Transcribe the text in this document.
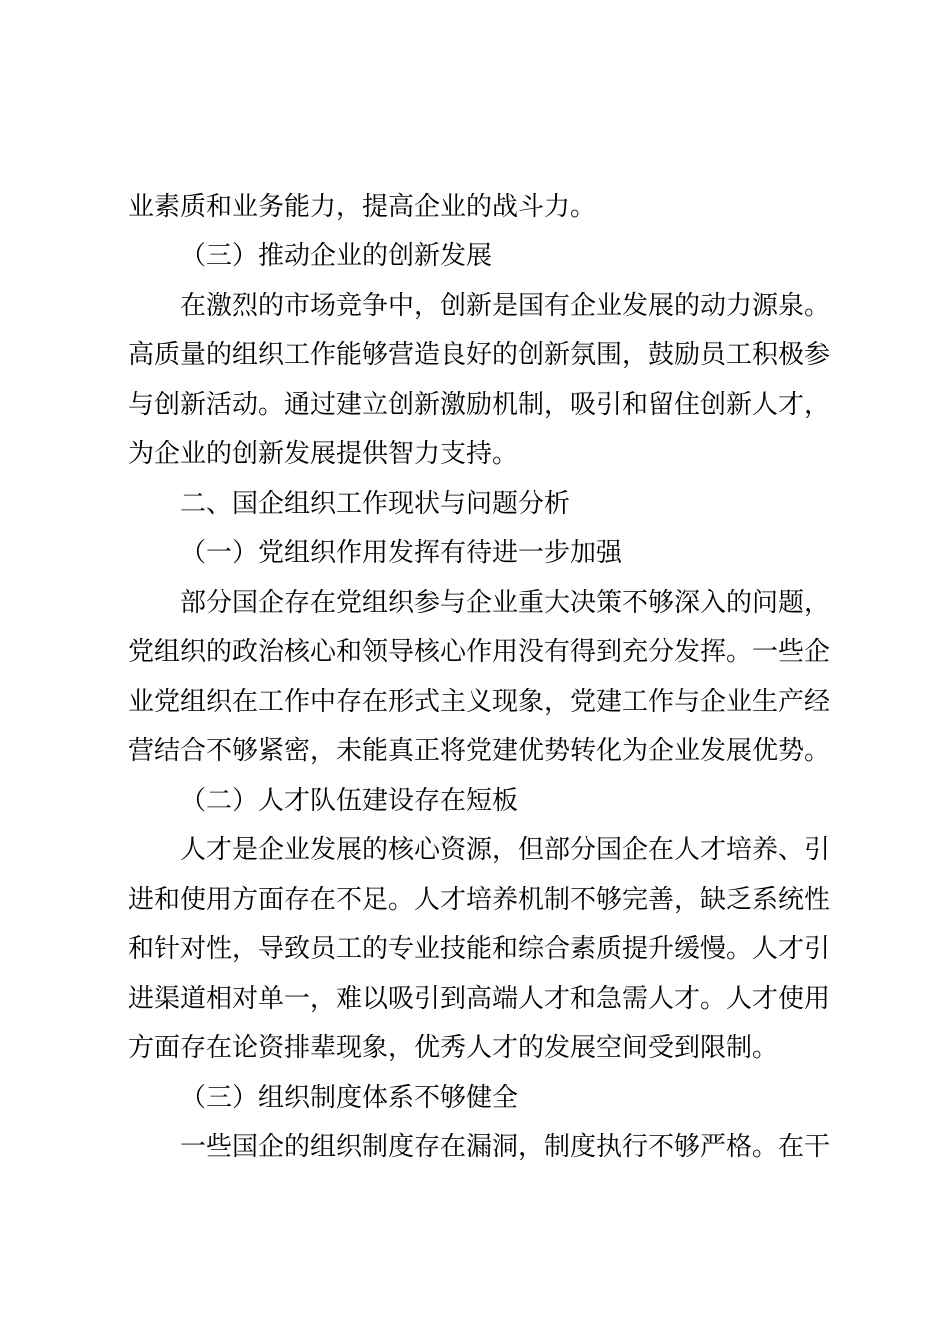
业素质和业务能力，提高企业的战斗力。
（三）推动企业的创新发展
在激烈的市场竞争中，创新是国有企业发展的动力源泉。
高质量的组织工作能够营造良好的创新氛围，鼓励员工积极参
与创新活动。通过建立创新激励机制，吸引和留住创新人才，
为企业的创新发展提供智力支持。
二、国企组织工作现状与问题分析
（一）党组织作用发挥有待进一步加强
部分国企存在党组织参与企业重大决策不够深入的问题，
党组织的政治核心和领导核心作用没有得到充分发挥。一些企
业党组织在工作中存在形式主义现象，党建工作与企业生产经
营结合不够紧密，未能真正将党建优势转化为企业发展优势。
（二）人才队伍建设存在短板
人才是企业发展的核心资源，但部分国企在人才培养、引
进和使用方面存在不足。人才培养机制不够完善，缺乏系统性
和针对性，导致员工的专业技能和综合素质提升缓慢。人才引
进渠道相对单一，难以吸引到高端人才和急需人才。人才使用
方面存在论资排辈现象，优秀人才的发展空间受到限制。
（三）组织制度体系不够健全
一些国企的组织制度存在漏洞，制度执行不够严格。在干
